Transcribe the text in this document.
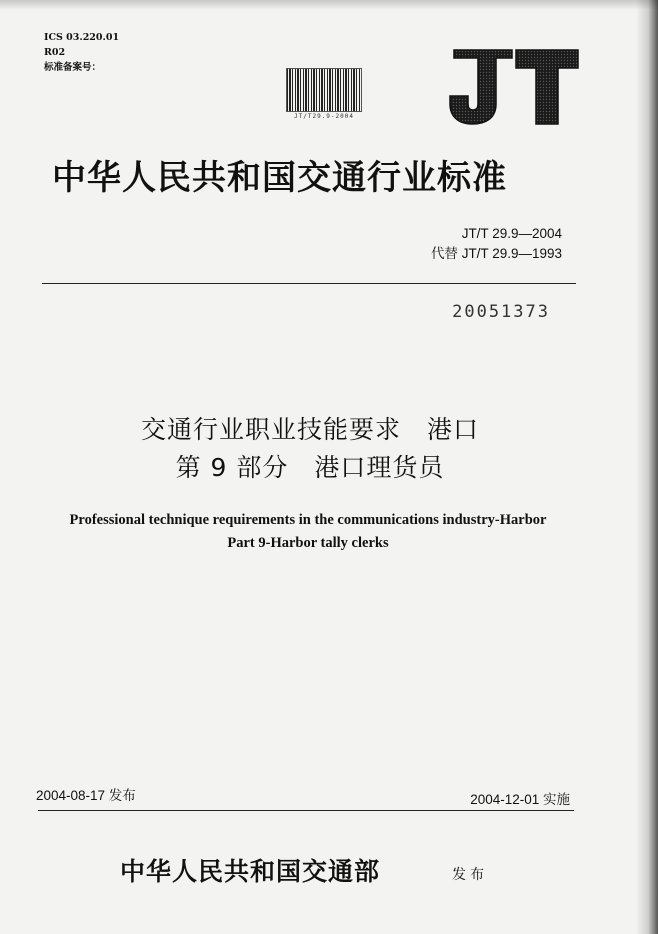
ICS 03.220.01
R02
标准备案号：
JT/T29.9-2004
中华人民共和国交通行业标准
JT/T 29.9—2004
代替 JT/T 29.9—1993
20051373
交通行业职业技能要求　港口
第 9 部分　港口理货员
Professional technique requirements in the communications industry-Harbor
Part 9-Harbor tally clerks
2004-08-17 发布	2004-12-01 实施
中华人民共和国交通部	发布
